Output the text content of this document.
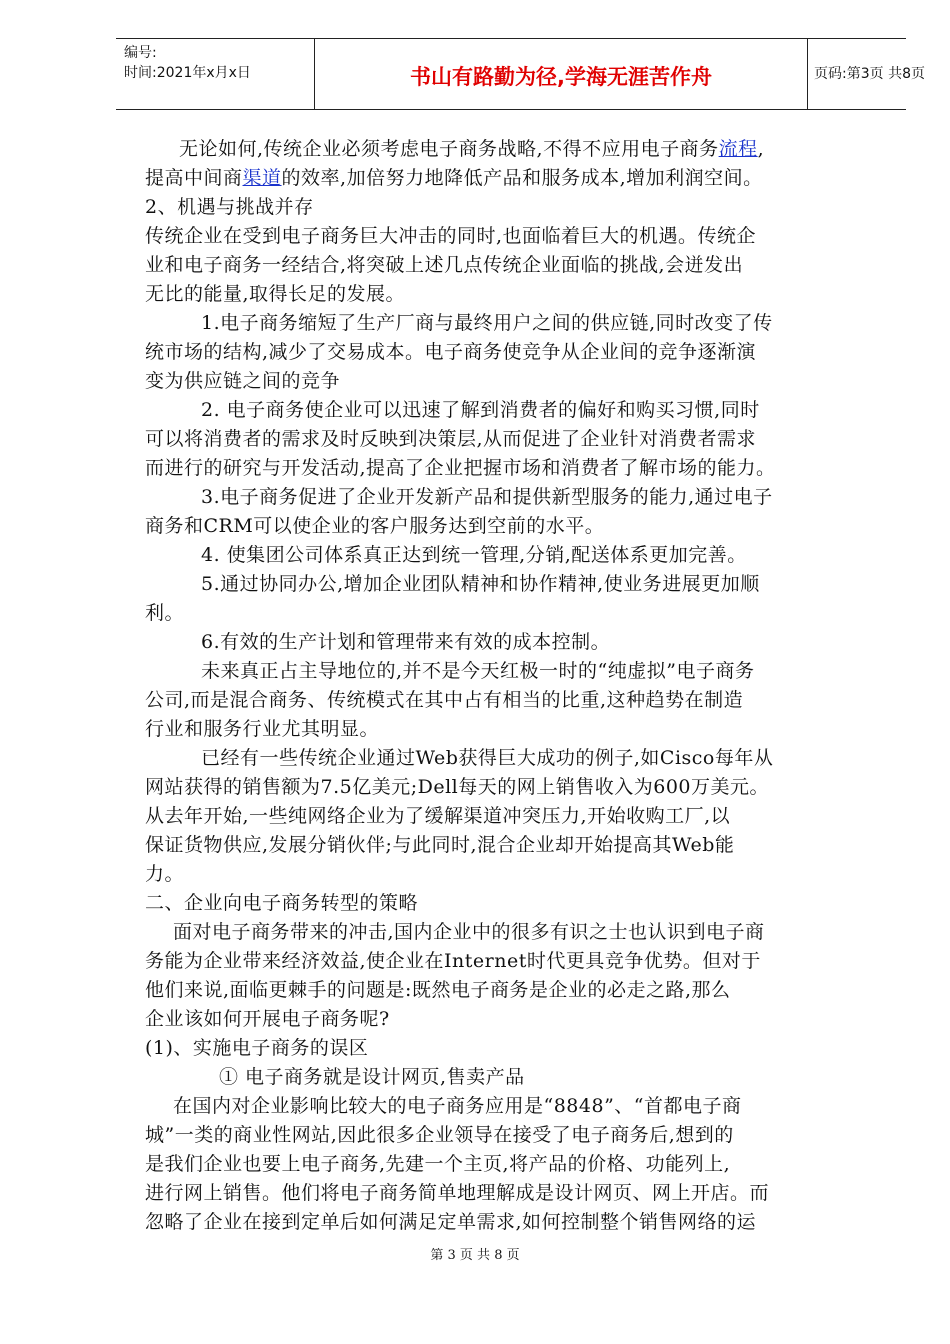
编号:
时间:2021年x月x日	书山有路勤为径,学海无涯苦作舟	页码:第3页 共8页
无论如何,传统企业必须考虑电子商务战略,不得不应用电子商务流程,
提高中间商渠道的效率,加倍努力地降低产品和服务成本,增加利润空间。
2、机遇与挑战并存
传统企业在受到电子商务巨大冲击的同时,也面临着巨大的机遇。传统企
业和电子商务一经结合,将突破上述几点传统企业面临的挑战,会迸发出
无比的能量,取得长足的发展。
1.电子商务缩短了生产厂商与最终用户之间的供应链,同时改变了传
统市场的结构,减少了交易成本。电子商务使竞争从企业间的竞争逐渐演
变为供应链之间的竞争
2. 电子商务使企业可以迅速了解到消费者的偏好和购买习惯,同时
可以将消费者的需求及时反映到决策层,从而促进了企业针对消费者需求
而进行的研究与开发活动,提高了企业把握市场和消费者了解市场的能力。
3.电子商务促进了企业开发新产品和提供新型服务的能力,通过电子
商务和CRM可以使企业的客户服务达到空前的水平。
4. 使集团公司体系真正达到统一管理,分销,配送体系更加完善。
5.通过协同办公,增加企业团队精神和协作精神,使业务进展更加顺
利。
6.有效的生产计划和管理带来有效的成本控制。
未来真正占主导地位的,并不是今天红极一时的“纯虚拟”电子商务
公司,而是混合商务、传统模式在其中占有相当的比重,这种趋势在制造
行业和服务行业尤其明显。
已经有一些传统企业通过Web获得巨大成功的例子,如Cisco每年从
网站获得的销售额为7.5亿美元;Dell每天的网上销售收入为600万美元。
从去年开始,一些纯网络企业为了缓解渠道冲突压力,开始收购工厂,以
保证货物供应,发展分销伙伴;与此同时,混合企业却开始提高其Web能
力。
二、企业向电子商务转型的策略
面对电子商务带来的冲击,国内企业中的很多有识之士也认识到电子商
务能为企业带来经济效益,使企业在Internet时代更具竞争优势。但对于
他们来说,面临更棘手的问题是:既然电子商务是企业的必走之路,那么
企业该如何开展电子商务呢?
(1)、实施电子商务的误区
① 电子商务就是设计网页,售卖产品
在国内对企业影响比较大的电子商务应用是“8848”、“首都电子商
城”一类的商业性网站,因此很多企业领导在接受了电子商务后,想到的
是我们企业也要上电子商务,先建一个主页,将产品的价格、功能列上,
进行网上销售。他们将电子商务简单地理解成是设计网页、网上开店。而
忽略了企业在接到定单后如何满足定单需求,如何控制整个销售网络的运
第 3 页 共 8 页
